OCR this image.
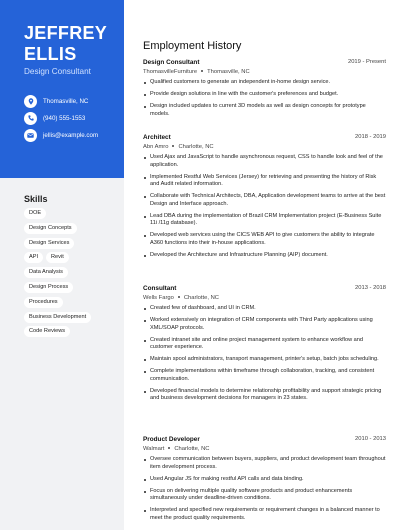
JEFFREY
ELLIS
Design Consultant
Thomasville, NC
(940) 555-1553
jellis@example.com
Skills
DOE
Design Concepts
Design Services
API	Revit
Data Analysis
Design Process
Procedures
Business Development
Code Reviews
Employment History
Design Consultant	2019 - Present
ThomasvilleFurniture Thomasville, NC
Qualified customers to generate an independent in-home design service.
Provide design solutions in line with the customer's preferences and budget.
Design included updates to current 3D models as well as design concepts for prototype models.
Architect	2018 - 2019
Abn Amro Charlotte, NC
Used Ajax and JavaScript to handle asynchronous request, CSS to handle look and feel of the application.
Implemented Restful Web Services (Jersey) for retrieving and presenting the history of Risk and Audit related information.
Collaborate with Technical Architects, DBA, Application development teams to arrive at the best Design and Interface approach.
Lead DBA during the implementation of Brazil CRM Implementation project (E-Business Suite 11i /11g database).
Developed web services using the CICS WEB API to give customers the ability to integrate A360 functions into their in-house applications.
Developed the Architecture and Infrastructure Planning (AIP) document.
Consultant	2013 - 2018
Wells Fargo Charlotte, NC
Created few of dashboard, and UI in CRM.
Worked extensively on integration of CRM components with Third Party applications using XML/SOAP protocols.
Created intranet site and online project management system to enhance workflow and customer experience.
Maintain spool administrators, transport management, printer's setup, batch jobs scheduling.
Complete implementations within timeframe through collaboration, tracking, and consistent communication.
Developed financial models to determine relationship profitability and support strategic pricing and business development decisions for managers in 23 states.
Product Developer	2010 - 2013
Walmart Charlotte, NC
Oversee communication between buyers, suppliers, and product development team throughout item development process.
Used Angular JS for making restful API calls and data binding.
Focus on delivering multiple quality software products and product enhancements simultaneously under deadline-driven conditions.
Interpreted and specified new requirements or requirement changes in a balanced manner to meet the product quality requirements.
